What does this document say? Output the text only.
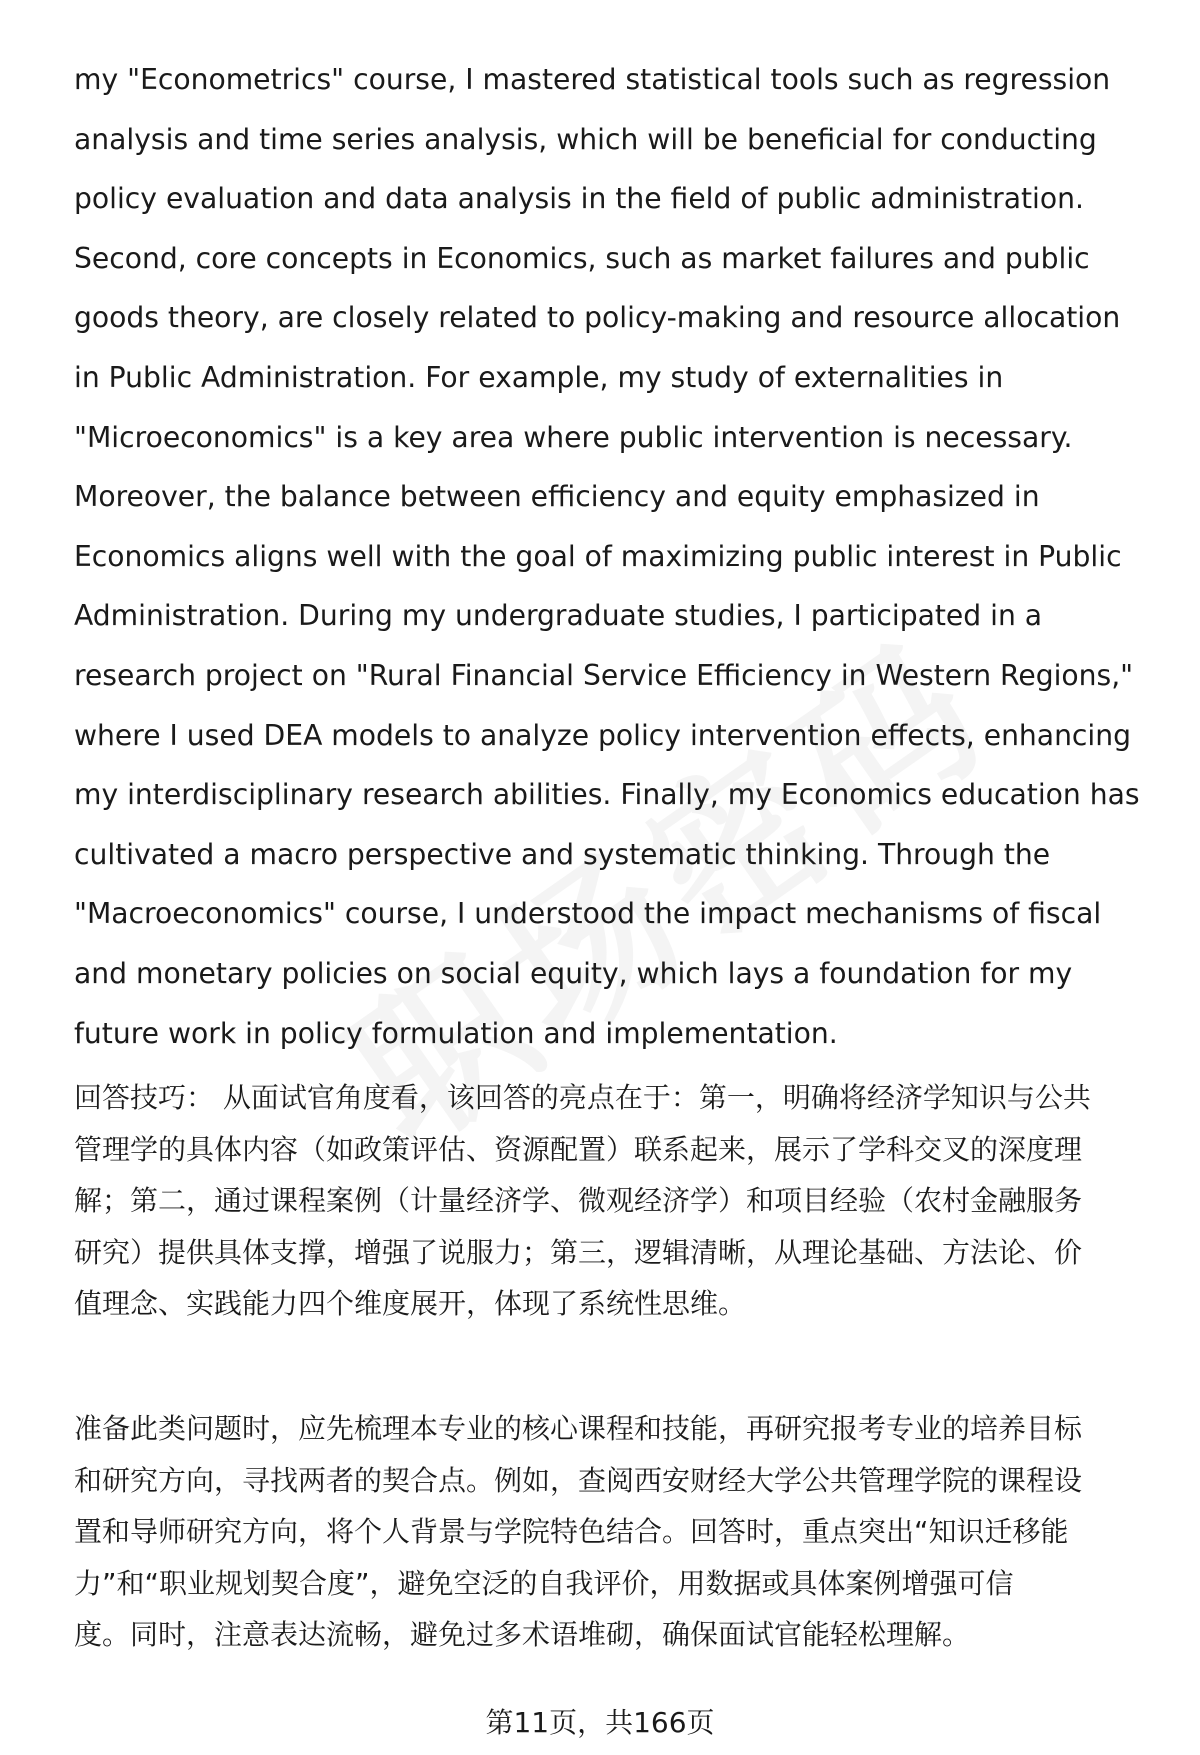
my "Econometrics" course, I mastered statistical tools such as regression
analysis and time series analysis, which will be beneficial for conducting
policy evaluation and data analysis in the field of public administration.
Second, core concepts in Economics, such as market failures and public
goods theory, are closely related to policy-making and resource allocation
in Public Administration. For example, my study of externalities in
"Microeconomics" is a key area where public intervention is necessary.
Moreover, the balance between efficiency and equity emphasized in
Economics aligns well with the goal of maximizing public interest in Public
Administration. During my undergraduate studies, I participated in a
research project on "Rural Financial Service Efficiency in Western Regions,"
where I used DEA models to analyze policy intervention effects, enhancing
my interdisciplinary research abilities. Finally, my Economics education has
cultivated a macro perspective and systematic thinking. Through the
"Macroeconomics" course, I understood the impact mechanisms of fiscal
and monetary policies on social equity, which lays a foundation for my
future work in policy formulation and implementation.

回答技巧： 从面试官角度看，该回答的亮点在于：第一，明确将经济学知识与公共
管理学的具体内容（如政策评估、资源配置）联系起来，展示了学科交叉的深度理
解；第二，通过课程案例（计量经济学、微观经济学）和项目经验（农村金融服务
研究）提供具体支撑，增强了说服力；第三，逻辑清晰，从理论基础、方法论、价
值理念、实践能力四个维度展开，体现了系统性思维。

准备此类问题时，应先梳理本专业的核心课程和技能，再研究报考专业的培养目标
和研究方向，寻找两者的契合点。例如，查阅西安财经大学公共管理学院的课程设
置和导师研究方向，将个人背景与学院特色结合。回答时，重点突出“知识迁移能
力”和“职业规划契合度”，避免空泛的自我评价，用数据或具体案例增强可信
度。同时，注意表达流畅，避免过多术语堆砌，确保面试官能轻松理解。

第11页，共166页
